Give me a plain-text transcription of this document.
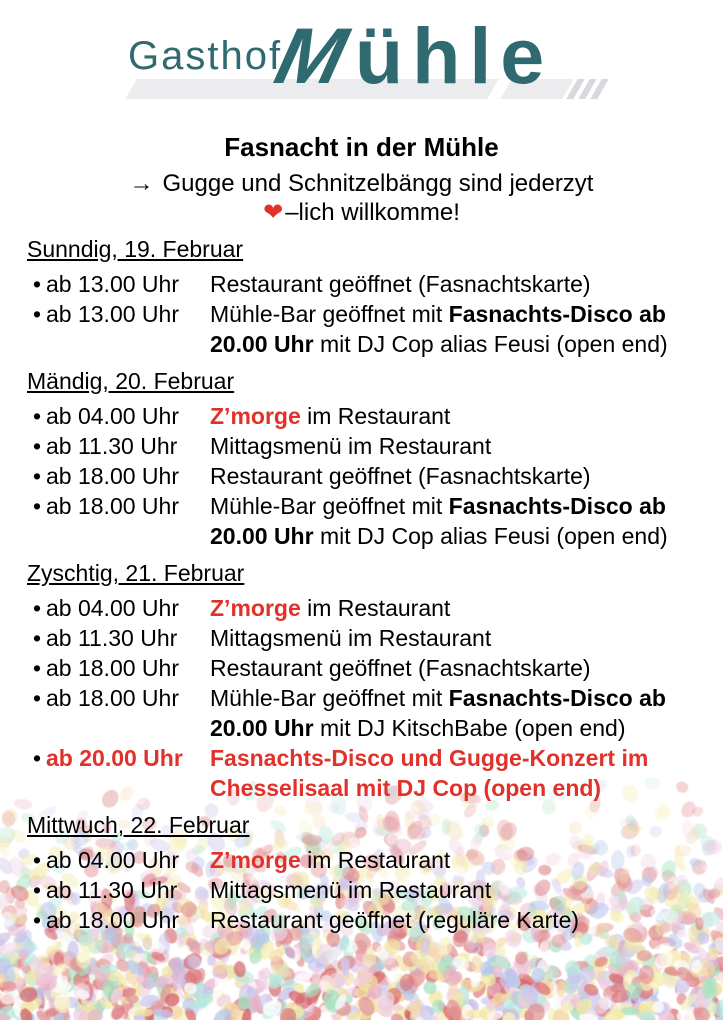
Gasthof
Mühle
Fasnacht in der Mühle
→ Gugge und Schnitzelbängg sind jederzyt
❤–lich willkomme!
Sunndig, 19. Februar
• ab 13.00 Uhr	Restaurant geöffnet (Fasnachtskarte)
• ab 13.00 Uhr	Mühle-Bar geöffnet mit Fasnachts-Disco ab
20.00 Uhr mit DJ Cop alias Feusi (open end)
Mändig, 20. Februar
• ab 04.00 Uhr	Z’morge im Restaurant
• ab 11.30 Uhr	Mittagsmenü im Restaurant
• ab 18.00 Uhr	Restaurant geöffnet (Fasnachtskarte)
• ab 18.00 Uhr	Mühle-Bar geöffnet mit Fasnachts-Disco ab
20.00 Uhr mit DJ Cop alias Feusi (open end)
Zyschtig, 21. Februar
• ab 04.00 Uhr	Z’morge im Restaurant
• ab 11.30 Uhr	Mittagsmenü im Restaurant
• ab 18.00 Uhr	Restaurant geöffnet (Fasnachtskarte)
• ab 18.00 Uhr	Mühle-Bar geöffnet mit Fasnachts-Disco ab
20.00 Uhr mit DJ KitschBabe (open end)
• ab 20.00 Uhr	Fasnachts-Disco und Gugge-Konzert im
Chesselisaal mit DJ Cop (open end)
Mittwuch, 22. Februar
• ab 04.00 Uhr	Z’morge im Restaurant
• ab 11.30 Uhr	Mittagsmenü im Restaurant
• ab 18.00 Uhr	Restaurant geöffnet (reguläre Karte)
